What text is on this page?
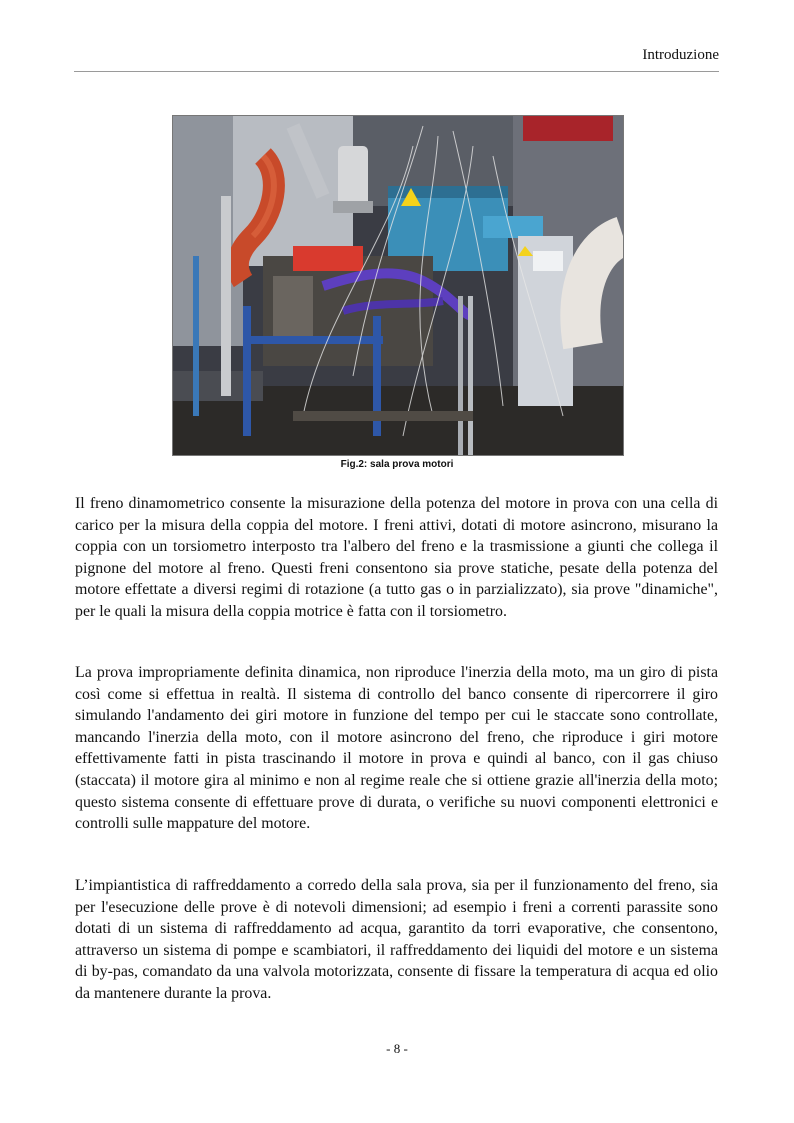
Introduzione
Fig.2: sala prova motori

Il freno dinamometrico consente la misurazione della potenza del motore in prova con una cella di carico per la misura della coppia del motore. I freni attivi, dotati di motore asincrono, misurano la coppia con un torsiometro interposto tra l'albero del freno e la trasmissione a giunti che collega il pignone del motore al freno. Questi freni consentono sia prove statiche, pesate della potenza del motore effettate a diversi regimi di rotazione (a tutto gas o in parzializzato), sia prove "dinamiche", per le quali la misura della coppia motrice è fatta con il torsiometro.

La prova impropriamente definita dinamica, non riproduce l'inerzia della moto, ma un giro di pista così come si effettua in realtà. Il sistema di controllo del banco consente di ripercorrere il giro simulando l'andamento dei giri motore in funzione del tempo per cui le staccate sono controllate, mancando l'inerzia della moto, con il motore asincrono del freno, che riproduce i giri motore effettivamente fatti in pista trascinando il motore in prova e quindi al banco, con il gas chiuso (staccata) il motore gira al minimo e non al regime reale che si ottiene grazie all'inerzia della moto; questo sistema consente di effettuare prove di durata, o verifiche su nuovi componenti elettronici e controlli sulle mappature del motore.

L’impiantistica di raffreddamento a corredo della sala prova, sia per il funzionamento del freno, sia per l'esecuzione delle prove è di notevoli dimensioni; ad esempio i freni a correnti parassite sono dotati di un sistema di raffreddamento ad acqua, garantito da torri evaporative, che consentono, attraverso un sistema di pompe e scambiatori, il raffreddamento dei liquidi del motore e un sistema di by-pas, comandato da una valvola motorizzata, consente di fissare la temperatura di acqua ed olio da mantenere durante la prova.

- 8 -
